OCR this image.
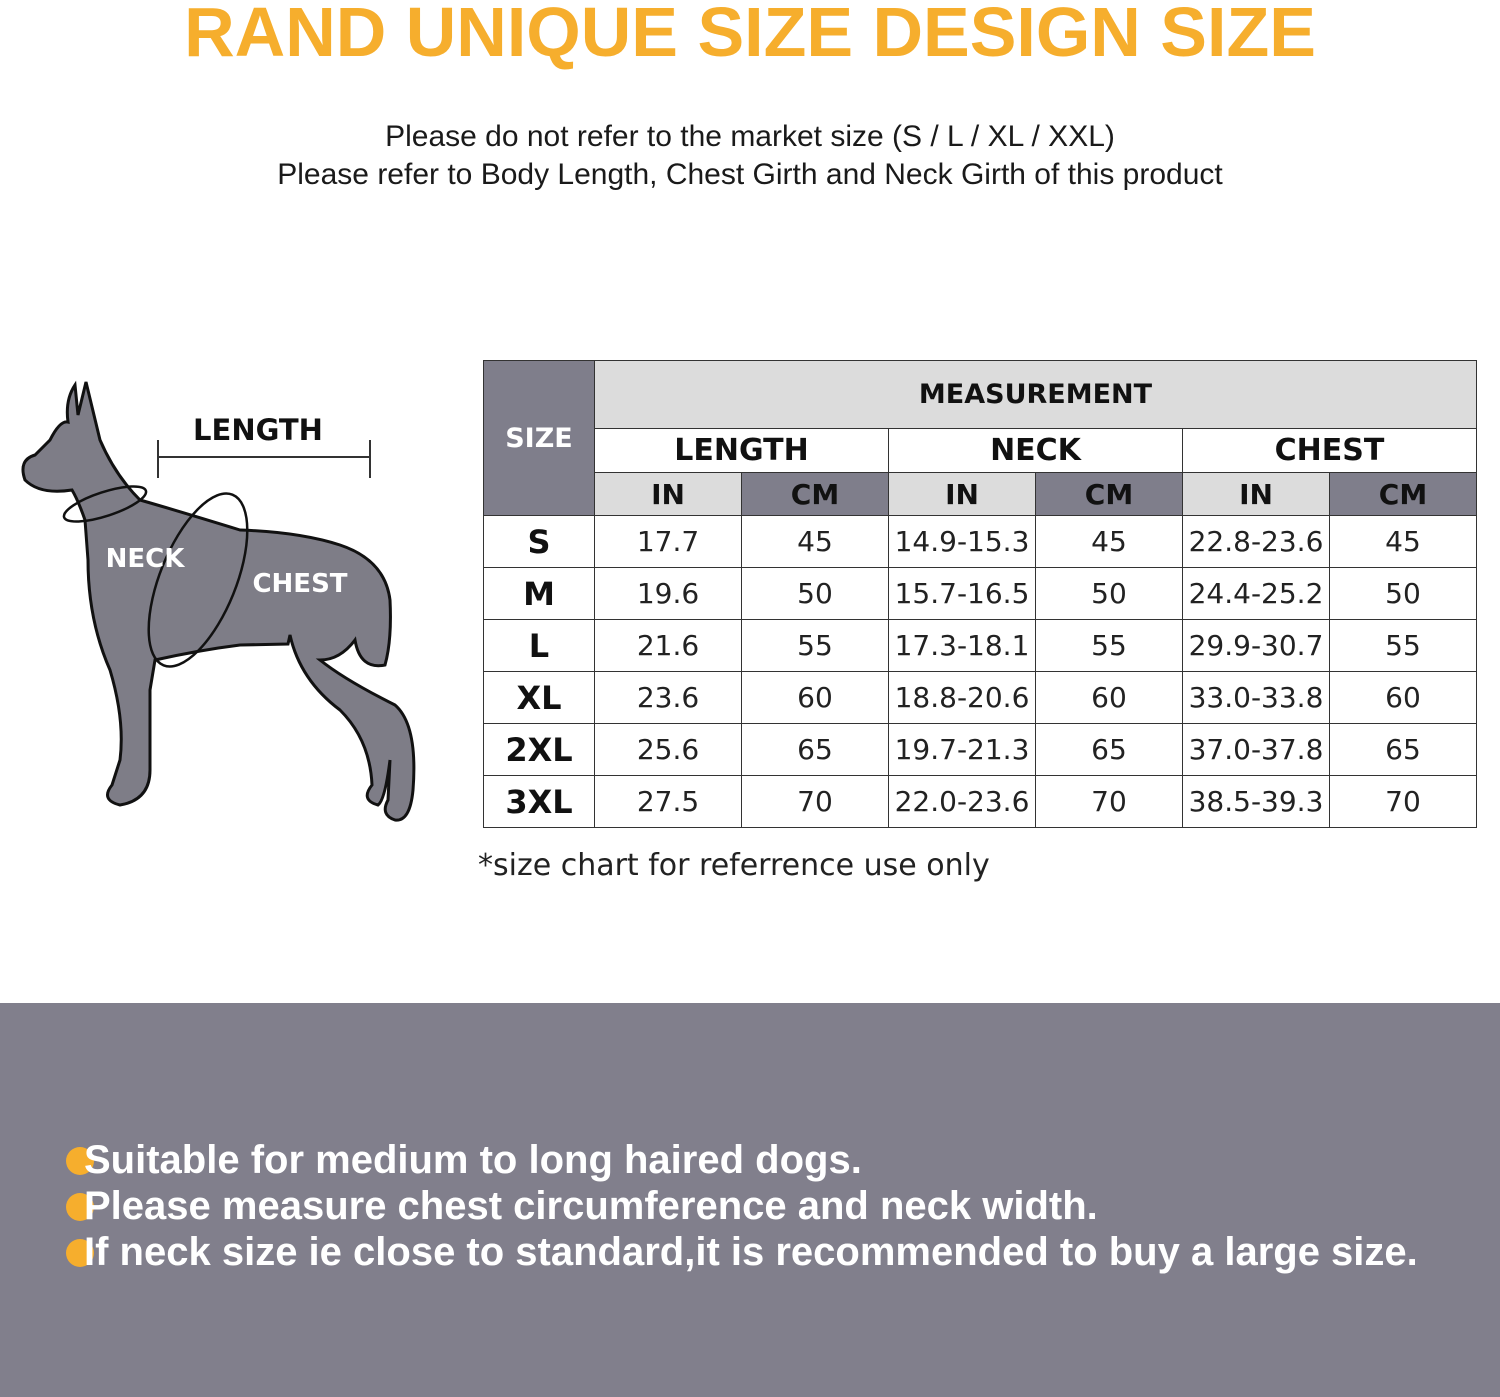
RAND UNIQUE SIZE DESIGN SIZE
Please do not refer to the market size (S / L / XL / XXL)
Please refer to Body Length, Chest Girth and Neck Girth of this product
LENGTH
NECK
CHEST
SIZE	MEASUREMENT					
	LENGTH		NECK		CHEST	
	IN	CM	IN	CM	IN	CM
S	17.7	45	14.9-15.3	45	22.8-23.6	45
M	19.6	50	15.7-16.5	50	24.4-25.2	50
L	21.6	55	17.3-18.1	55	29.9-30.7	55
XL	23.6	60	18.8-20.6	60	33.0-33.8	60
2XL	25.6	65	19.7-21.3	65	37.0-37.8	65
3XL	27.5	70	22.0-23.6	70	38.5-39.3	70
*size chart for referrence use only
Suitable for medium to long haired dogs.
Please measure chest circumference and neck width.
If neck size ie close to standard,it is recommended to buy a large size.
